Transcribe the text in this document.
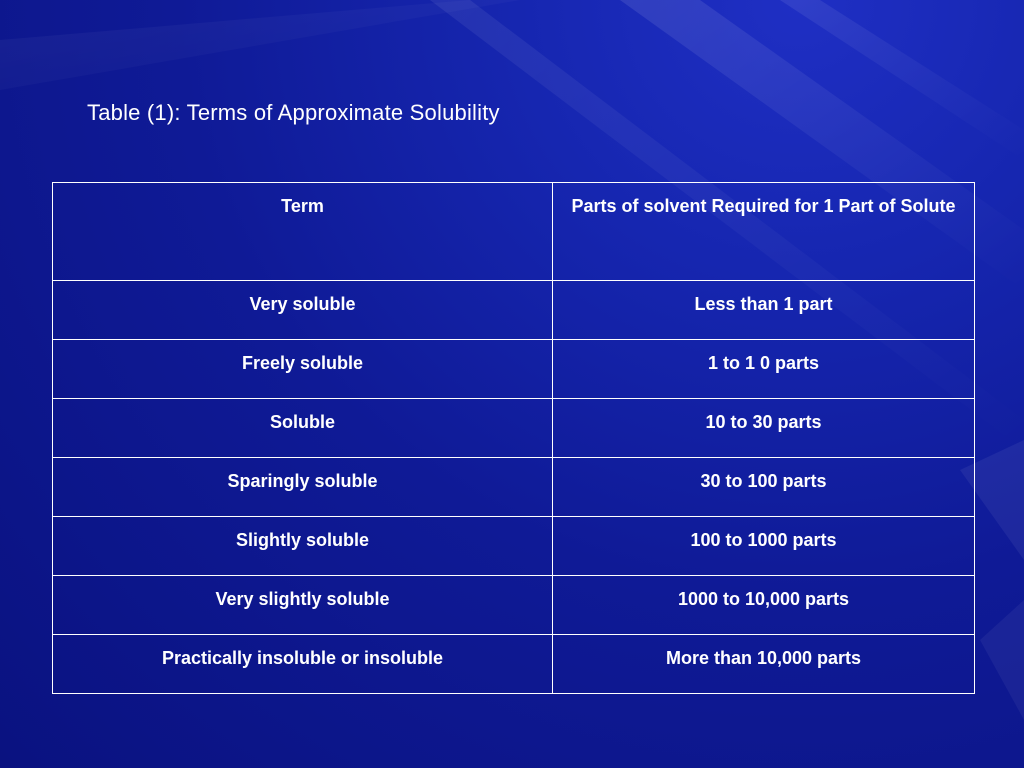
Table (1): Terms of Approximate Solubility
Term	Parts of solvent Required for 1 Part of Solute
Very soluble	Less than 1 part
Freely soluble	1 to 1 0 parts
Soluble	10 to 30 parts
Sparingly soluble	30 to 100 parts
Slightly soluble	100 to 1000 parts
Very slightly soluble	1000 to 10,000 parts
Practically insoluble or insoluble	More than 10,000 parts
